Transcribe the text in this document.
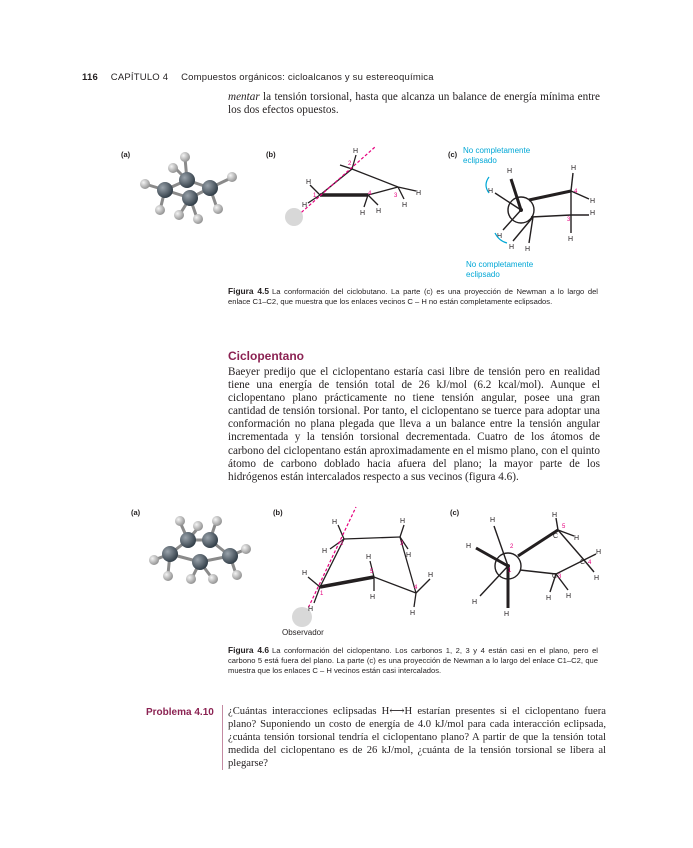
116 CAPÍTULO 4 Compuestos orgánicos: cicloalcanos y su estereoquímica
mentar la tensión torsional, hasta que alcanza un balance de energía mínima entre los dos efectos opuestos.
(a)	(b)	(c)
H
H
H
H H
H
H
2
1	4	3
H
H
H
H
H
H
H
H
H
4
3
No completamente
eclipsado
No completamente
eclipsado
Figura 4.5 La conformación del ciclobutano. La parte (c) es una proyección de Newman a lo largo del enlace C1–C2, que muestra que los enlaces vecinos C – H no están completamente eclipsados.
Ciclopentano
Baeyer predijo que el ciclopentano estaría casi libre de tensión pero en realidad tiene una energía de tensión total de 26 kJ/mol (6.2 kcal/mol). Aunque el ciclopentano plano prácticamente no tiene tensión angular, posee una gran cantidad de tensión torsional. Por tanto, el ciclopentano se tuerce para adoptar una conformación no plana plegada que lleva a un balance entre la tensión angular incrementada y la tensión torsional decrementada. Cuatro de los átomos de carbono del ciclopentano están aproximadamente en el mismo plano, con el quinto átomo de carbono doblado hacia afuera del plano; la mayor parte de los hidrógenos están intercalados respecto a sus vecinos (figura 4.6).
(a)	(b)	(c)
H
H
H
H
H
H
H
H
H
H
2	3
5
1
4
Observador
H
H
H
H
H
H
C
C
H
H
C
H H
2
1
5
4
3
Figura 4.6 La conformación del ciclopentano. Los carbonos 1, 2, 3 y 4 están casi en el plano, pero el carbono 5 está fuera del plano. La parte (c) es una proyección de Newman a lo largo del enlace C1–C2, que muestra que los enlaces C – H vecinos están casi intercalados.
Problema 4.10	¿Cuántas interacciones eclipsadas H⟷H estarían presentes si el ciclopentano fuera plano? Suponiendo un costo de energía de 4.0 kJ/mol para cada interacción eclipsada, ¿cuánta tensión torsional tendría el ciclopentano plano? A partir de que la tensión total medida del ciclopentano es de 26 kJ/mol, ¿cuánta de la tensión torsional se libera al plegarse?
